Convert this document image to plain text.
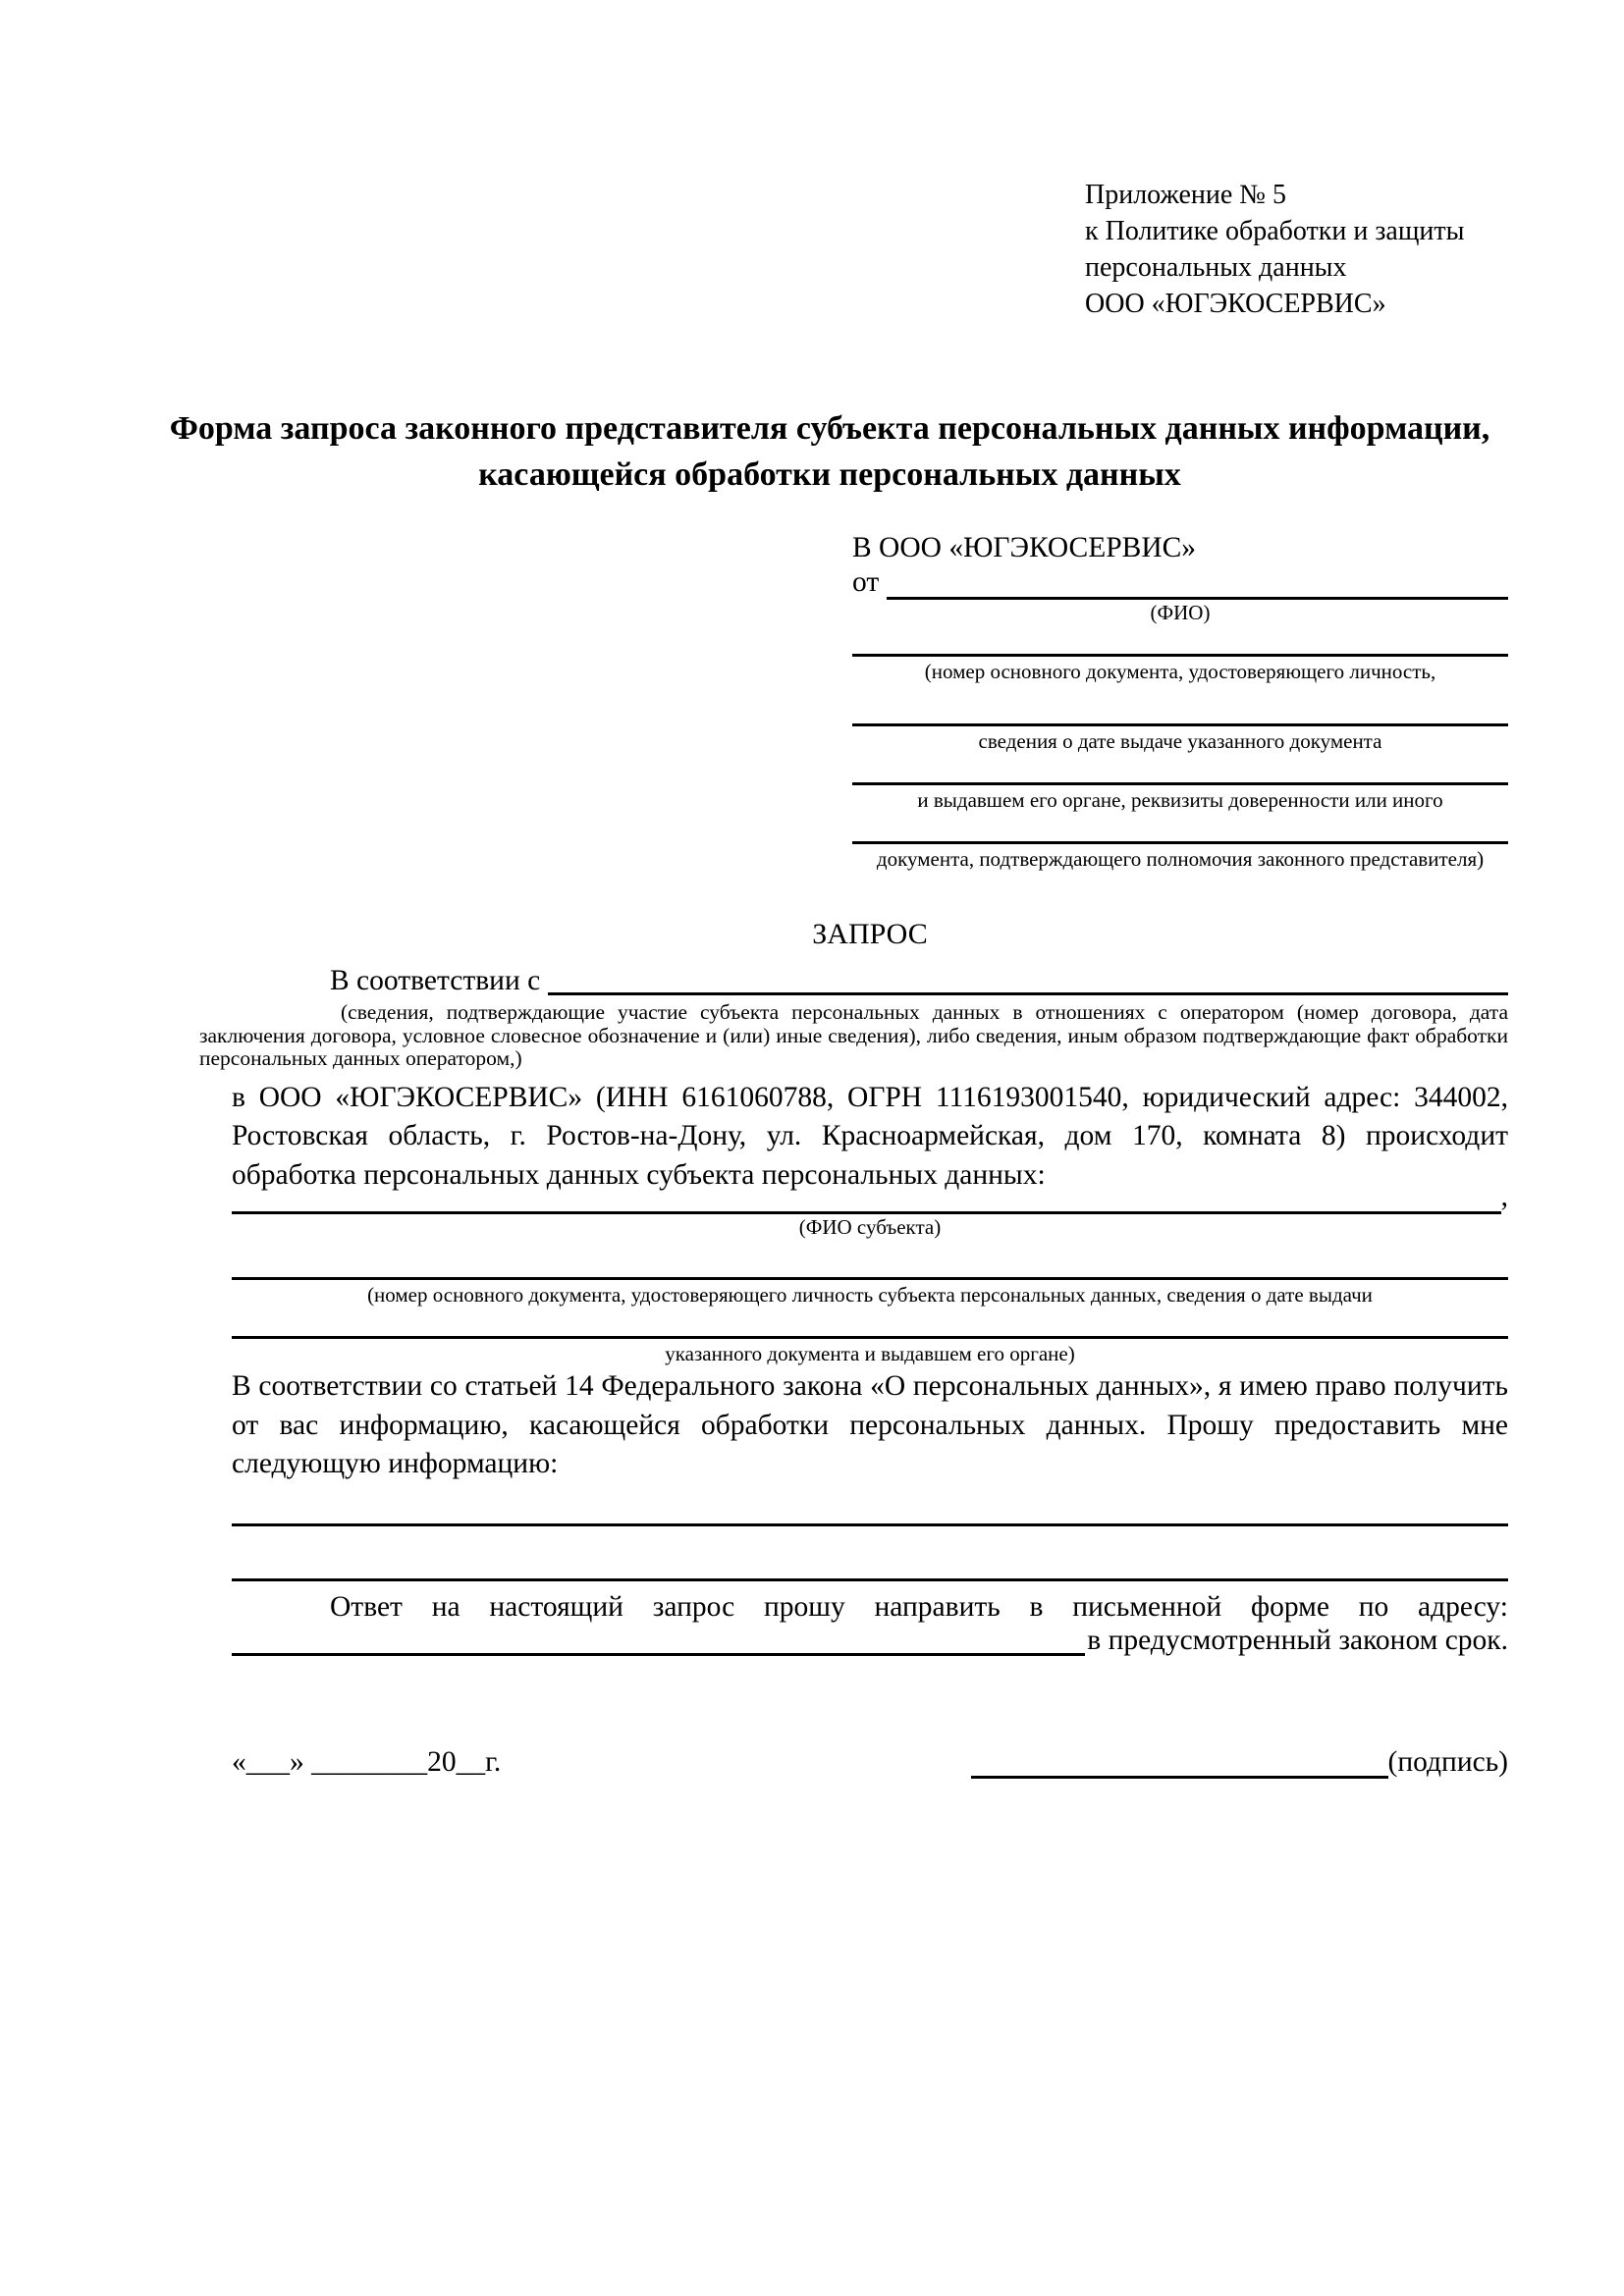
Приложение № 5
к Политике обработки и защиты
персональных данных
ООО «ЮГЭКОСЕРВИС»
Форма запроса законного представителя субъекта персональных данных информации, касающейся обработки персональных данных
В ООО «ЮГЭКОСЕРВИС»
от
(ФИО)
(номер основного документа, удостоверяющего личность,
сведения о дате выдаче указанного документа
и выдавшем его органе, реквизиты доверенности или иного
документа, подтверждающего полномочия законного представителя)
ЗАПРОС
В соответствии с
(сведения, подтверждающие участие субъекта персональных данных в отношениях с оператором (номер договора, дата заключения договора, условное словесное обозначение и (или) иные сведения), либо сведения, иным образом подтверждающие факт обработки персональных данных оператором,)

в ООО «ЮГЭКОСЕРВИС» (ИНН 6161060788, ОГРН 1116193001540, юридический адрес: 344002, Ростовская область, г. Ростов-на-Дону, ул. Красноармейская, дом 170, комната 8) происходит обработка персональных данных субъекта персональных данных:

,
(ФИО субъекта)
(номер основного документа, удостоверяющего личность субъекта персональных данных, сведения о дате выдачи
указанного документа и выдавшем его органе)

В соответствии со статьей 14 Федерального закона «О персональных данных», я имею право получить от вас информацию, касающейся обработки персональных данных. Прошу предоставить мне следующую информацию:

Ответ на настоящий запрос прошу направить в письменной форме по адресу:
в предусмотренный законом срок.
«___» ________20__г.	(подпись)
